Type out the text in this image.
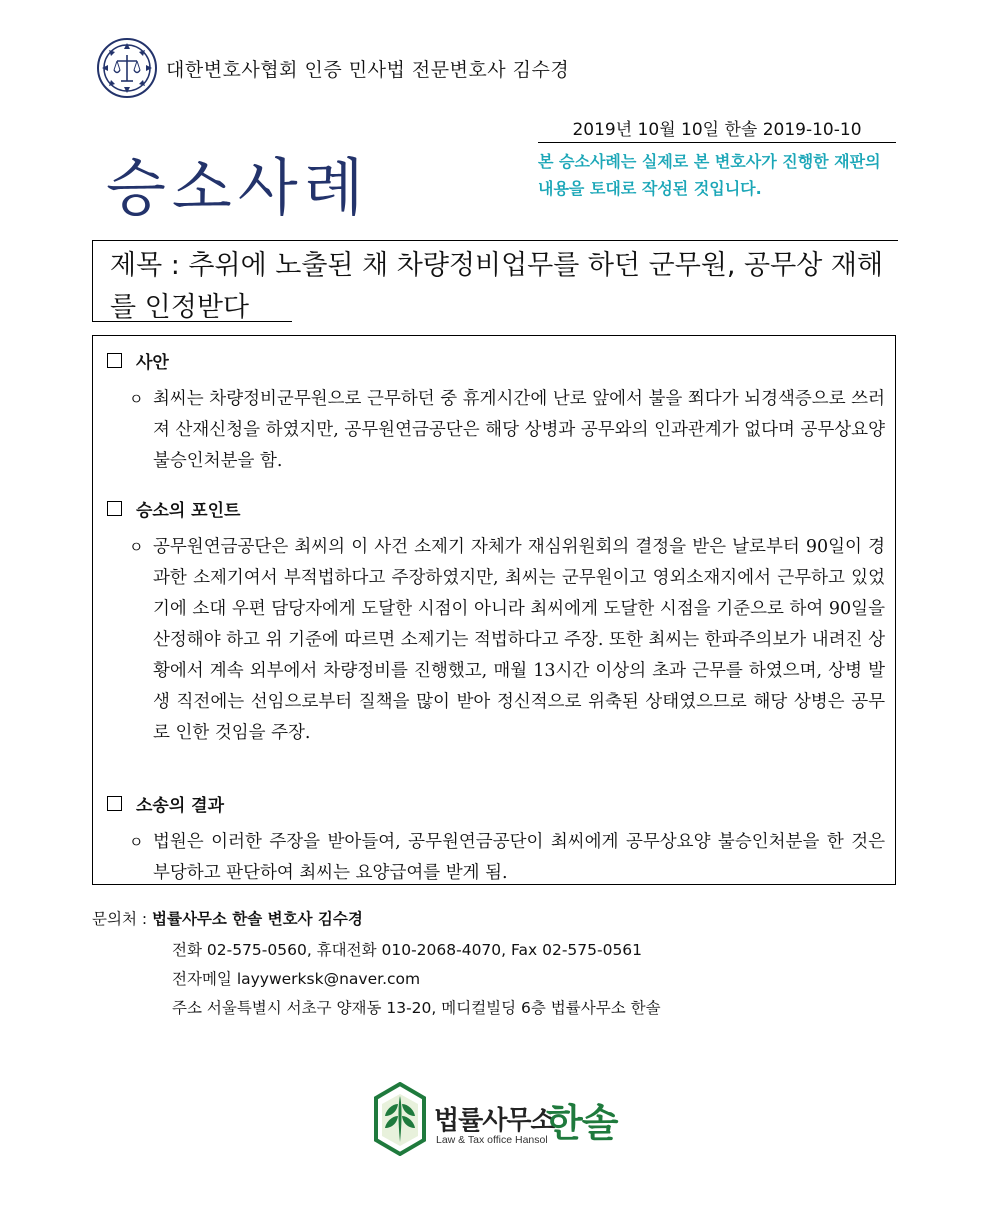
대한변호사협회 인증 민사법 전문변호사 김수경
2019년 10월 10일 한솔 2019-10-10
승소사례	본 승소사례는 실제로 본 변호사가 진행한 재판의 내용을 토대로 작성된 것입니다.
제목 : 추위에 노출된 채 차량정비업무를 하던 군무원, 공무상 재해를 인정받다
사안
ㅇ 최씨는 차량정비군무원으로 근무하던 중 휴게시간에 난로 앞에서 불을 쬐다가 뇌경색증으로 쓰러져 산재신청을 하였지만, 공무원연금공단은 해당 상병과 공무와의 인과관계가 없다며 공무상요양 불승인처분을 함.
승소의 포인트
ㅇ 공무원연금공단은 최씨의 이 사건 소제기 자체가 재심위원회의 결정을 받은 날로부터 90일이 경과한 소제기여서 부적법하다고 주장하였지만, 최씨는 군무원이고 영외소재지에서 근무하고 있었기에 소대 우편 담당자에게 도달한 시점이 아니라 최씨에게 도달한 시점을 기준으로 하여 90일을 산정해야 하고 위 기준에 따르면 소제기는 적법하다고 주장. 또한 최씨는 한파주의보가 내려진 상황에서 계속 외부에서 차량정비를 진행했고, 매월 13시간 이상의 초과 근무를 하였으며, 상병 발생 직전에는 선임으로부터 질책을 많이 받아 정신적으로 위축된 상태였으므로 해당 상병은 공무로 인한 것임을 주장.
소송의 결과
ㅇ 법원은 이러한 주장을 받아들여, 공무원연금공단이 최씨에게 공무상요양 불승인처분을 한 것은 부당하고 판단하여 최씨는 요양급여를 받게 됨.
문의처 : 법률사무소 한솔 변호사 김수경
전화 02-575-0560, 휴대전화 010-2068-4070, Fax 02-575-0561
전자메일 layywerksk@naver.com
주소 서울특별시 서초구 양재동 13-20, 메디컬빌딩 6층 법률사무소 한솔
법률사무소
한솔
Law & Tax office Hansol
